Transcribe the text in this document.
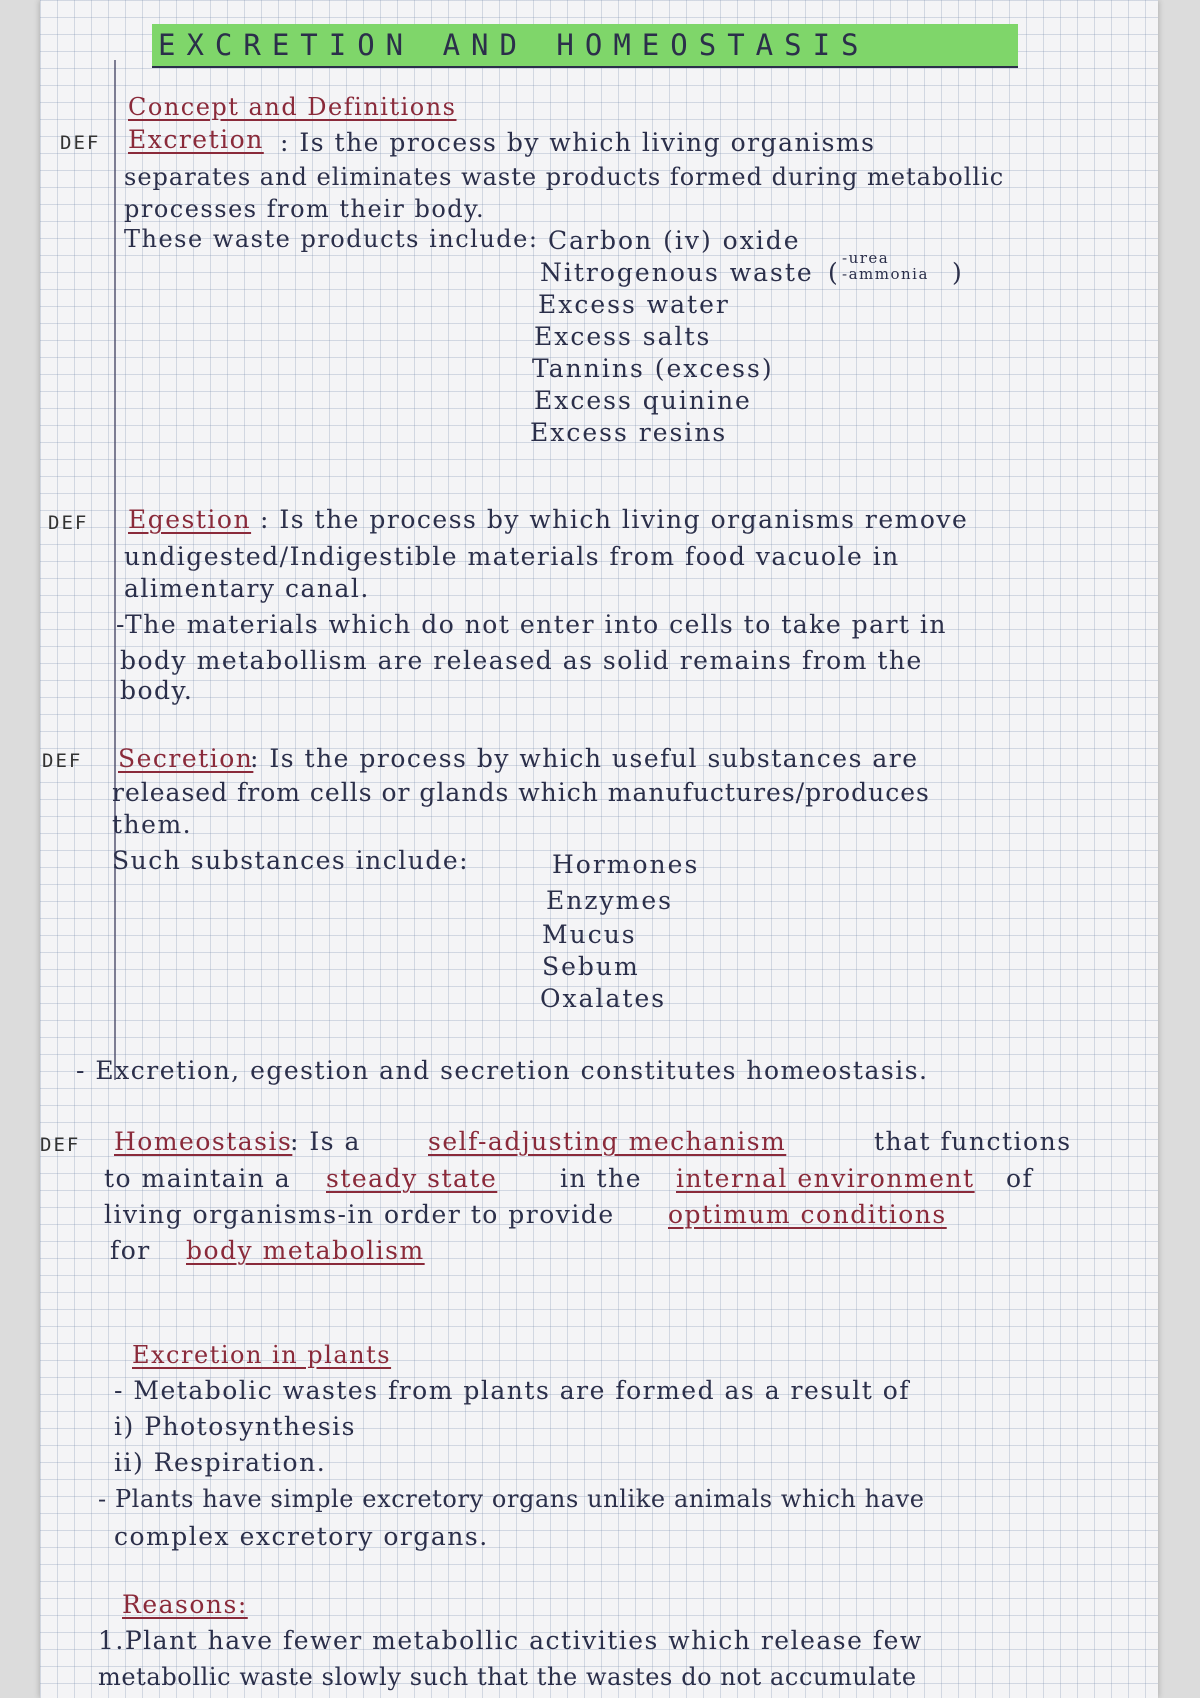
EXCRETION AND HOMEOSTASIS
Concept and Definitions
DEF Excretion : Is the process by which living organisms
separates and eliminates waste products formed during metabollic
processes from their body.
These waste products include: Carbon (iv) oxide
Nitrogenous waste ( -urea
-ammonia )
Excess water
Excess salts
Tannins (excess)
Excess quinine
Excess resins
DEF Egestion : Is the process by which living organisms remove
undigested/Indigestible materials from food vacuole in
alimentary canal.
-The materials which do not enter into cells to take part in
body metabollism are released as solid remains from the
body.
DEF Secretion
: Is the process by which useful substances are
released from cells or glands which manufuctures/produces
them.
Such substances include:	Hormones
Enzymes
Mucus
Sebum
Oxalates
- Excretion, egestion and secretion constitutes homeostasis.
DEF Homeostasis
: Is a	self-adjusting mechanism	that functions
to maintain a steady state	in the internal environment of
living organisms-in order to provide optimum conditions
for body metabolism
Excretion in plants
- Metabolic wastes from plants are formed as a result of
i) Photosynthesis
ii) Respiration.
- Plants have simple excretory organs unlike animals which have
complex excretory organs.
Reasons:
1.Plant have fewer metabollic activities which release few
metabollic waste slowly such that the wastes do not accumulate
